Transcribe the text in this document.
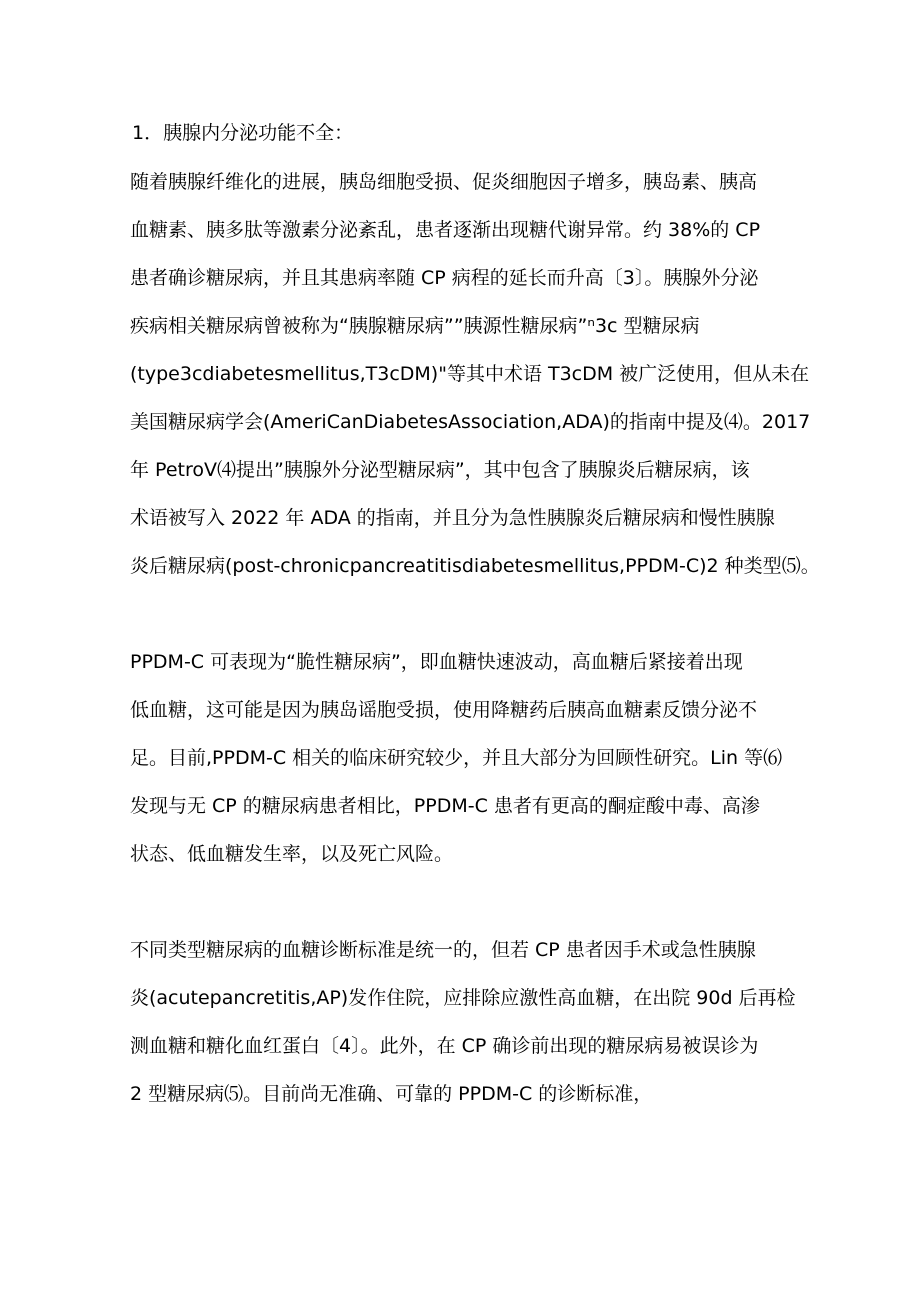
1．胰腺内分泌功能不全：
随着胰腺纤维化的进展，胰岛细胞受损、促炎细胞因子增多，胰岛素、胰高
血糖素、胰多肽等激素分泌紊乱，患者逐渐出现糖代谢异常。约 38%的 CP
患者确诊糖尿病，并且其患病率随 CP 病程的延长而升高〔3〕。胰腺外分泌
疾病相关糖尿病曾被称为“胰腺糖尿病””胰源性糖尿病”ⁿ3c 型糖尿病
(type3cdiabetesmellitus,T3cDM)"等其中术语 T3cDM 被广泛使用，但从未在
美国糖尿病学会(AmeriCanDiabetesAssociation,ADA)的指南中提及⑷。2017
年 PetroV⑷提出”胰腺外分泌型糖尿病”，其中包含了胰腺炎后糖尿病，该
术语被写入 2022 年 ADA 的指南，并且分为急性胰腺炎后糖尿病和慢性胰腺
炎后糖尿病(post-chronicpancreatitisdiabetesmellitus,PPDM-C)2 种类型⑸。
PPDM-C 可表现为“脆性糖尿病”，即血糖快速波动，高血糖后紧接着出现
低血糖，这可能是因为胰岛谣胞受损，使用降糖药后胰高血糖素反馈分泌不
足。目前,PPDM-C 相关的临床研究较少，并且大部分为回顾性研究。Lin 等⑹
发现与无 CP 的糖尿病患者相比，PPDM-C 患者有更高的酮症酸中毒、高渗
状态、低血糖发生率，以及死亡风险。
不同类型糖尿病的血糖诊断标准是统一的，但若 CP 患者因手术或急性胰腺
炎(acutepancretitis,AP)发作住院，应排除应激性高血糖，在出院 90d 后再检
测血糖和糖化血红蛋白〔4〕。此外，在 CP 确诊前出现的糖尿病易被误诊为
2 型糖尿病⑸。目前尚无准确、可靠的 PPDM-C 的诊断标准，
